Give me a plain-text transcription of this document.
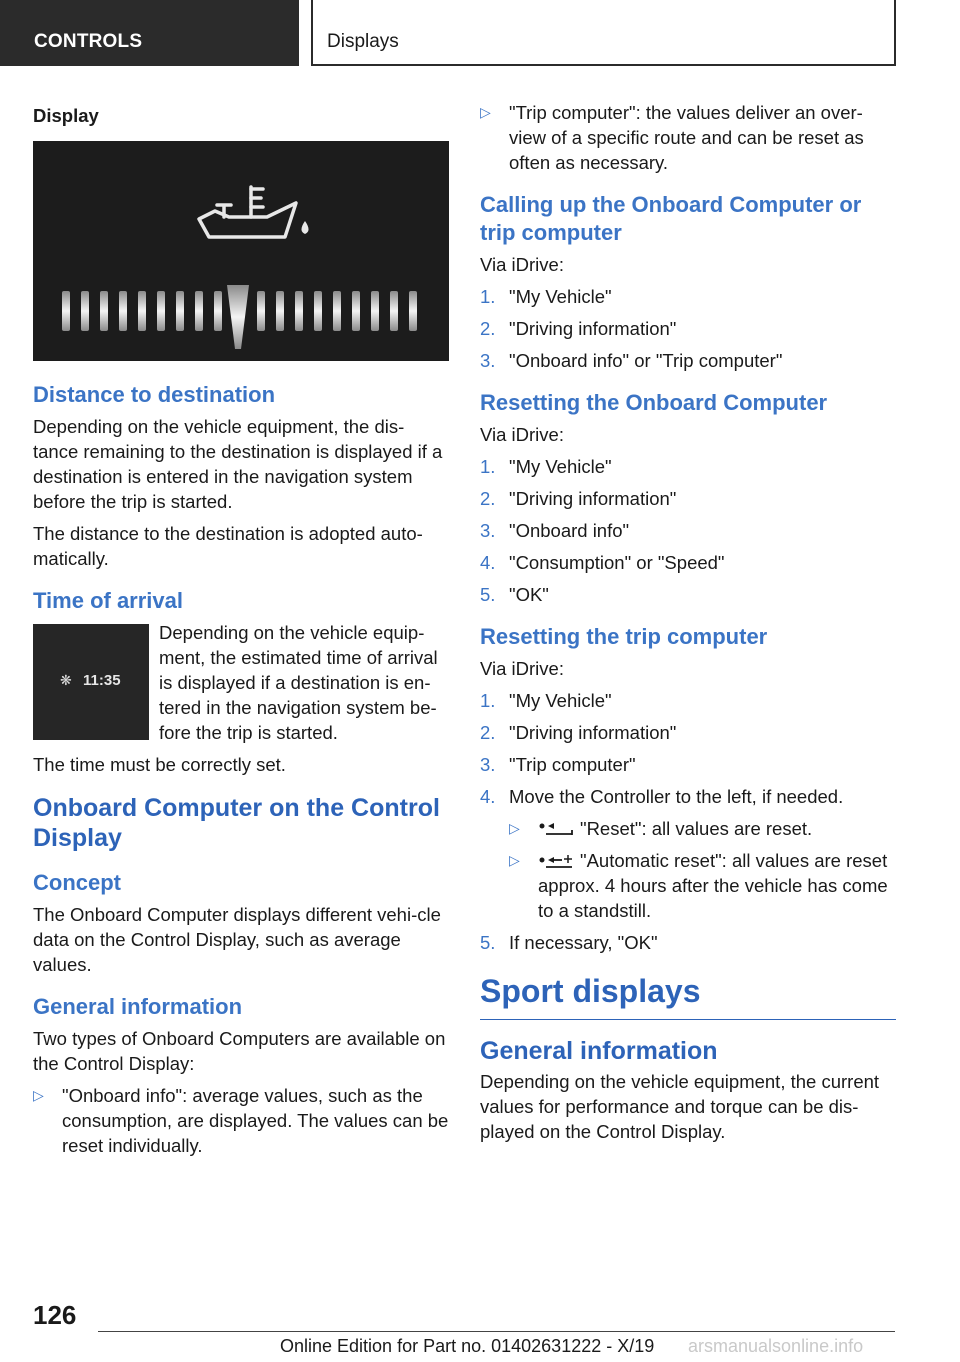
CONTROLS	Displays
Display
Distance to destination

Depending on the vehicle equipment, the dis-tance remaining to the destination is displayed if a destination is entered in the navigation system before the trip is started.

The distance to the destination is adopted auto-matically.

Time of arrival
❋ 11:35

Depending on the vehicle equip-ment, the estimated time of arrival is displayed if a destination is en-tered in the navigation system be-fore the trip is started.

The time must be correctly set.

Onboard Computer on the Control Display
Concept

The Onboard Computer displays different vehi-cle data on the Control Display, such as average values.

General information

Two types of Onboard Computers are available on the Control Display:

▷ "Onboard info": average values, such as the consumption, are displayed. The values can be reset individually.
▷ "Trip computer": the values deliver an over-view of a specific route and can be reset as often as necessary.
Calling up the Onboard Computer or trip computer

Via iDrive:

1. "My Vehicle"
2. "Driving information"
3. "Onboard info" or "Trip computer"
Resetting the Onboard Computer

Via iDrive:

1. "My Vehicle"
2. "Driving information"
3. "Onboard info"
4. "Consumption" or "Speed"
5. "OK"
Resetting the trip computer

Via iDrive:

1. "My Vehicle"
2. "Driving information"
3. "Trip computer"
4. Move the Controller to the left, if needed.
▷	"Reset": all values are reset.
▷	"Automatic reset": all values are reset approx. 4 hours after the vehicle has come to a standstill.
5. If necessary, "OK"
Sport displays
General information

Depending on the vehicle equipment, the current values for performance and torque can be dis-played on the Control Display.

126
Online Edition for Part no. 01402631222 - X/19 arsmanualsonline.info
